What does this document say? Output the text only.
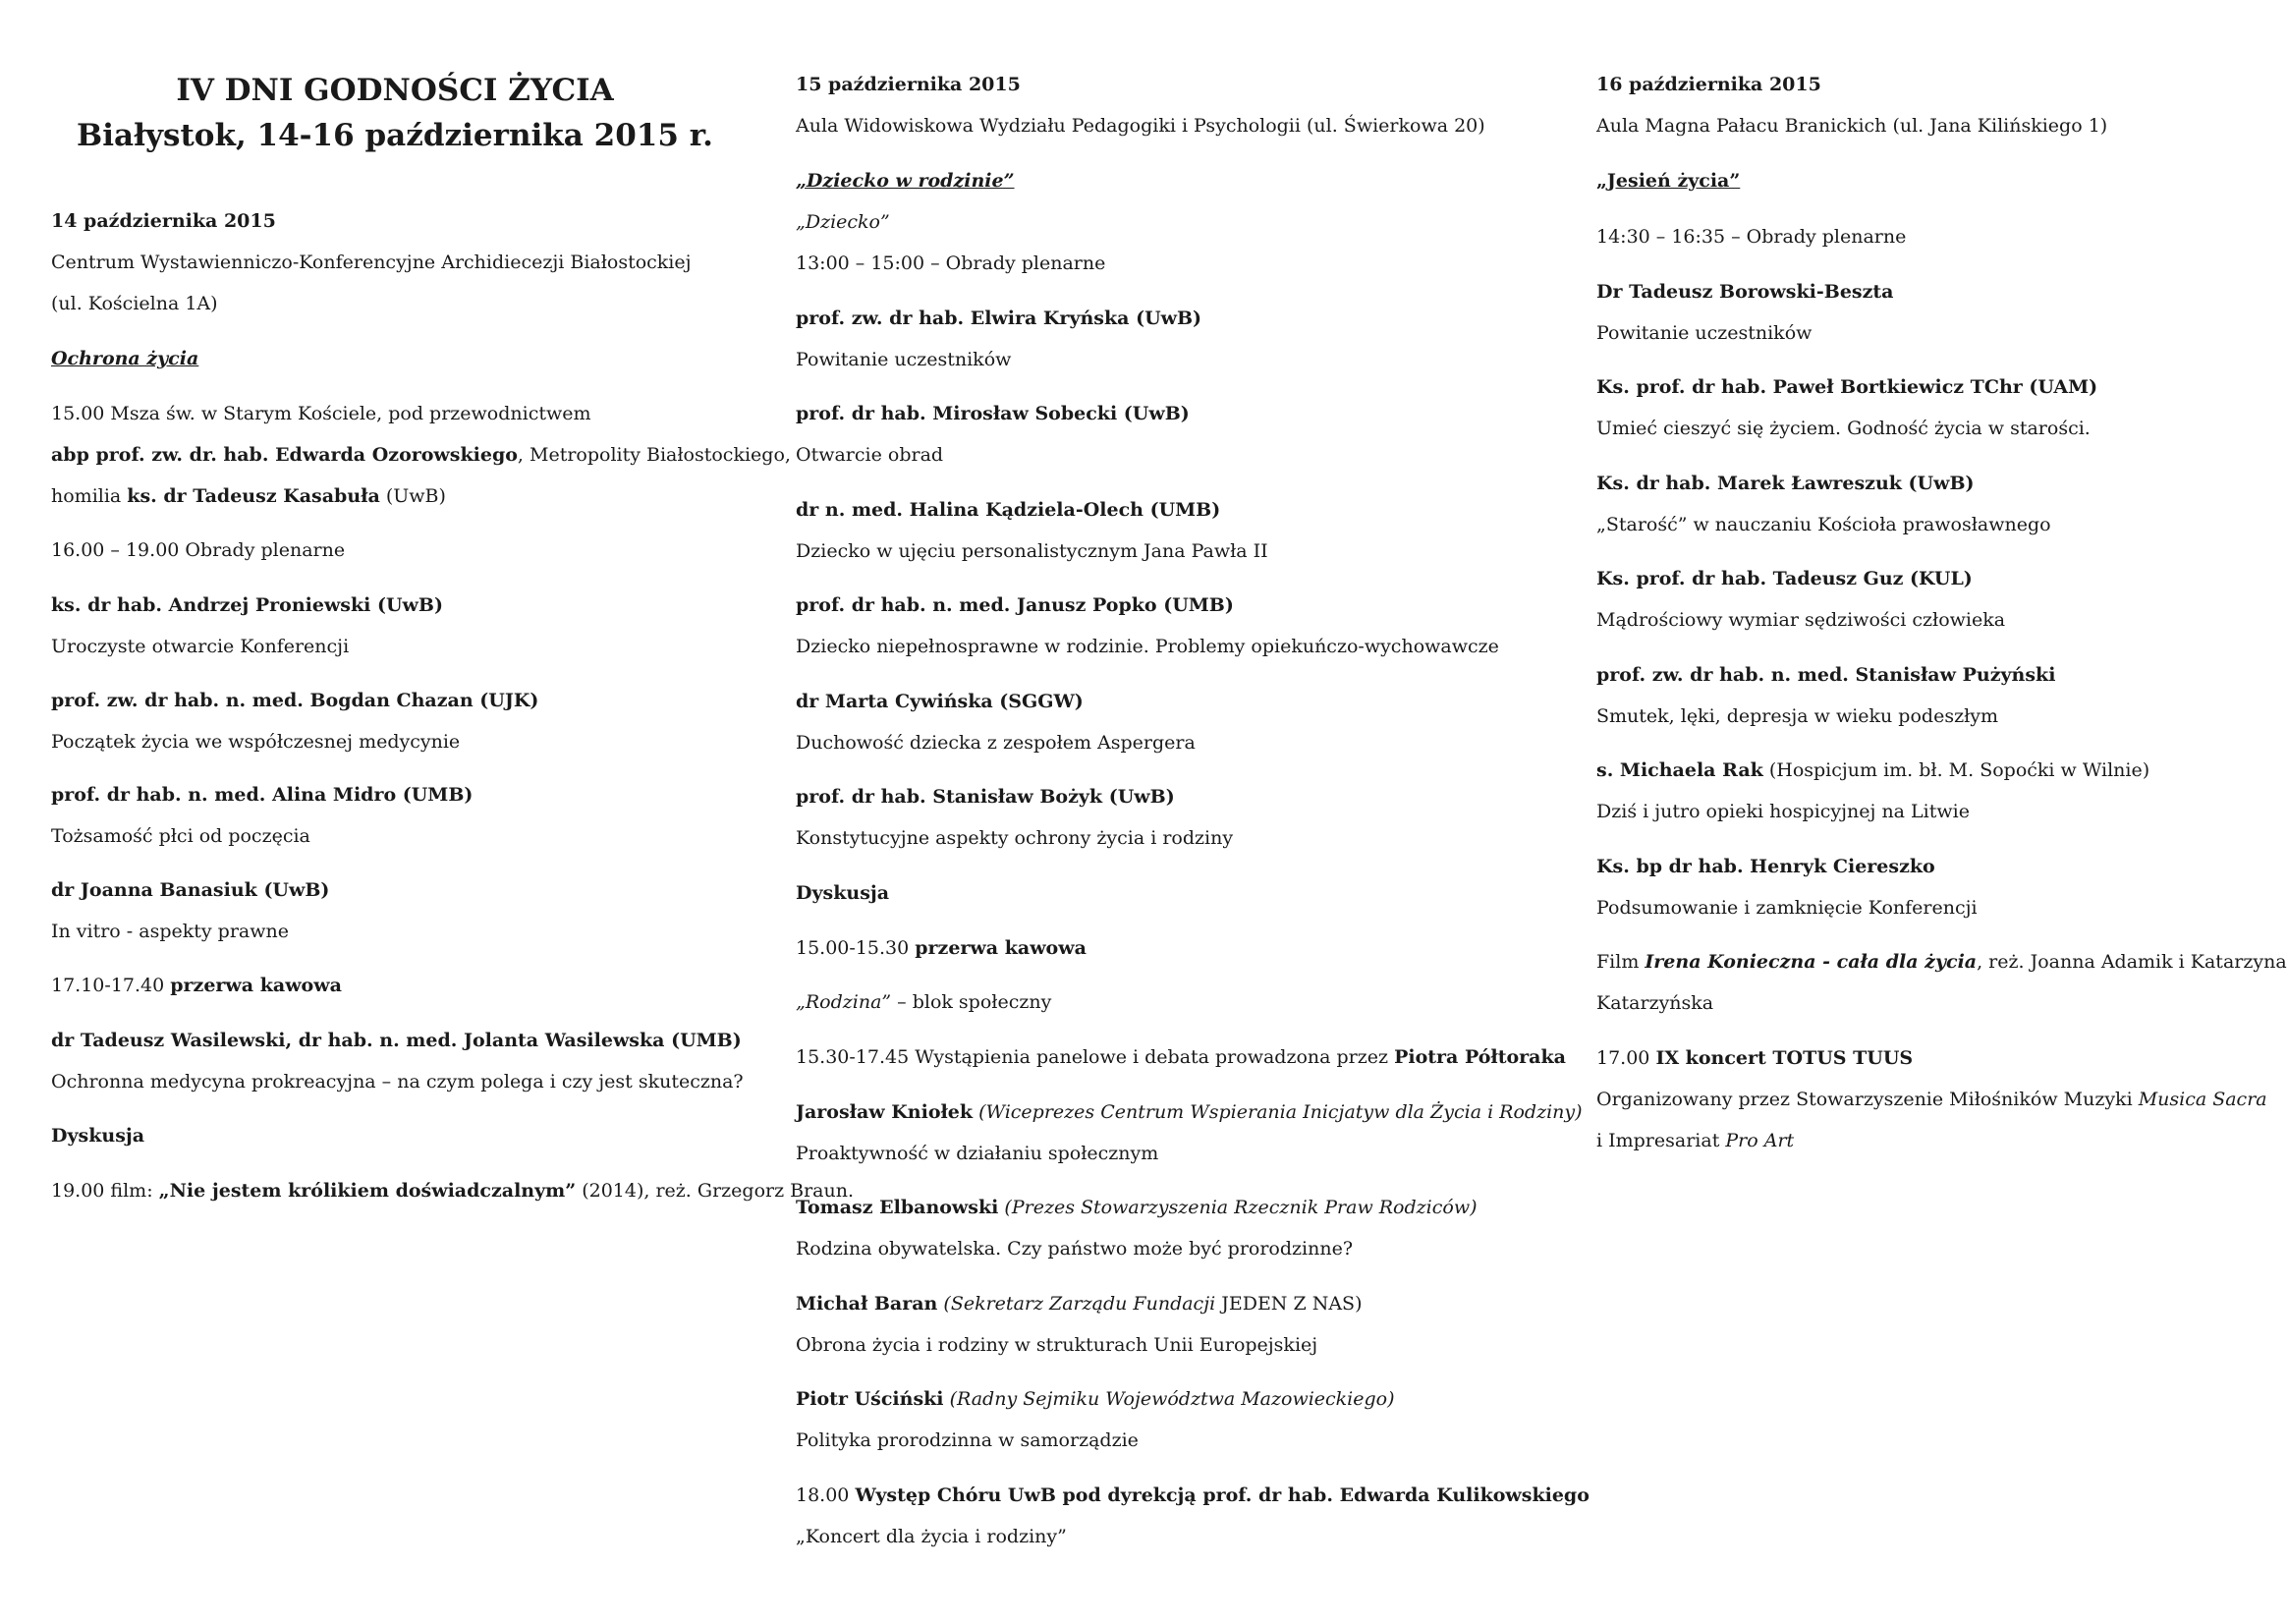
IV DNI GODNOŚCI ŻYCIA
Białystok, 14-16 października 2015 r.
14 października 2015
Centrum Wystawienniczo-Konferencyjne Archidiecezji Białostockiej
(ul. Kościelna 1A)
Ochrona życia
15.00 Msza św. w Starym Kościele, pod przewodnictwem
abp prof. zw. dr. hab. Edwarda Ozorowskiego, Metropolity Białostockiego,
homilia ks. dr Tadeusz Kasabuła (UwB)
16.00 – 19.00 Obrady plenarne
ks. dr hab. Andrzej Proniewski (UwB)
Uroczyste otwarcie Konferencji
prof. zw. dr hab. n. med. Bogdan Chazan (UJK)
Początek życia we współczesnej medycynie
prof. dr hab. n. med. Alina Midro (UMB)
Tożsamość płci od poczęcia
dr Joanna Banasiuk (UwB)
In vitro - aspekty prawne
17.10-17.40 przerwa kawowa
dr Tadeusz Wasilewski, dr hab. n. med. Jolanta Wasilewska (UMB)
Ochronna medycyna prokreacyjna – na czym polega i czy jest skuteczna?
Dyskusja
19.00 film: „Nie jestem królikiem doświadczalnym” (2014), reż. Grzegorz Braun.
15 października 2015
Aula Widowiskowa Wydziału Pedagogiki i Psychologii (ul. Świerkowa 20)
„Dziecko w rodzinie”
„Dziecko”
13:00 – 15:00 – Obrady plenarne
prof. zw. dr hab. Elwira Kryńska (UwB)
Powitanie uczestników
prof. dr hab. Mirosław Sobecki (UwB)
Otwarcie obrad
dr n. med. Halina Kądziela-Olech (UMB)
Dziecko w ujęciu personalistycznym Jana Pawła II
prof. dr hab. n. med. Janusz Popko (UMB)
Dziecko niepełnosprawne w rodzinie. Problemy opiekuńczo-wychowawcze
dr Marta Cywińska (SGGW)
Duchowość dziecka z zespołem Aspergera
prof. dr hab. Stanisław Bożyk (UwB)
Konstytucyjne aspekty ochrony życia i rodziny
Dyskusja
15.00-15.30 przerwa kawowa
„Rodzina” – blok społeczny
15.30-17.45 Wystąpienia panelowe i debata prowadzona przez Piotra Półtoraka
Jarosław Kniołek (Wiceprezes Centrum Wspierania Inicjatyw dla Życia i Rodziny)
Proaktywność w działaniu społecznym
Tomasz Elbanowski (Prezes Stowarzyszenia Rzecznik Praw Rodziców)
Rodzina obywatelska. Czy państwo może być prorodzinne?
Michał Baran (Sekretarz Zarządu Fundacji JEDEN Z NAS)
Obrona życia i rodziny w strukturach Unii Europejskiej
Piotr Uściński (Radny Sejmiku Województwa Mazowieckiego)
Polityka prorodzinna w samorządzie
18.00 Występ Chóru UwB pod dyrekcją prof. dr hab. Edwarda Kulikowskiego
„Koncert dla życia i rodziny”
16 października 2015
Aula Magna Pałacu Branickich (ul. Jana Kilińskiego 1)
„Jesień życia”
14:30 – 16:35 – Obrady plenarne
Dr Tadeusz Borowski-Beszta
Powitanie uczestników
Ks. prof. dr hab. Paweł Bortkiewicz TChr (UAM)
Umieć cieszyć się życiem. Godność życia w starości.
Ks. dr hab. Marek Ławreszuk (UwB)
„Starość” w nauczaniu Kościoła prawosławnego
Ks. prof. dr hab. Tadeusz Guz (KUL)
Mądrościowy wymiar sędziwości człowieka
prof. zw. dr hab. n. med. Stanisław Pużyński
Smutek, lęki, depresja w wieku podeszłym
s. Michaela Rak (Hospicjum im. bł. M. Sopoćki w Wilnie)
Dziś i jutro opieki hospicyjnej na Litwie
Ks. bp dr hab. Henryk Ciereszko
Podsumowanie i zamknięcie Konferencji
Film Irena Konieczna - cała dla życia, reż. Joanna Adamik i Katarzyna
Katarzyńska
17.00 IX koncert TOTUS TUUS
Organizowany przez Stowarzyszenie Miłośników Muzyki Musica Sacra
i Impresariat Pro Art
